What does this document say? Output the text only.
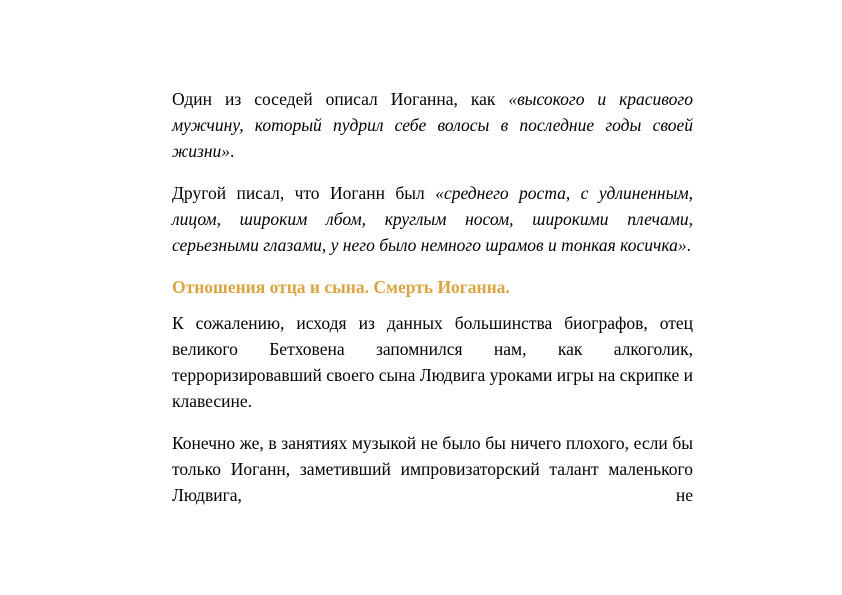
Один из соседей описал Иоганна, как «высокого и красивого мужчину, который пудрил себе волосы в последние годы своей жизни».

Другой писал, что Иоганн был «среднего роста, с удлиненным, лицом, широким лбом, круглым носом, широкими плечами, серьезными глазами, у него было немного шрамов и тонкая косичка».

Отношения отца и сына. Смерть Иоганна.

К сожалению, исходя из данных большинства биографов, отец великого Бетховена запомнился нам, как алкоголик, терроризировавший своего сына Людвига уроками игры на скрипке и клавесине.

Конечно же, в занятиях музыкой не было бы ничего плохого, если бы только Иоганн, заметивший импровизаторский талант маленького Людвига, не
